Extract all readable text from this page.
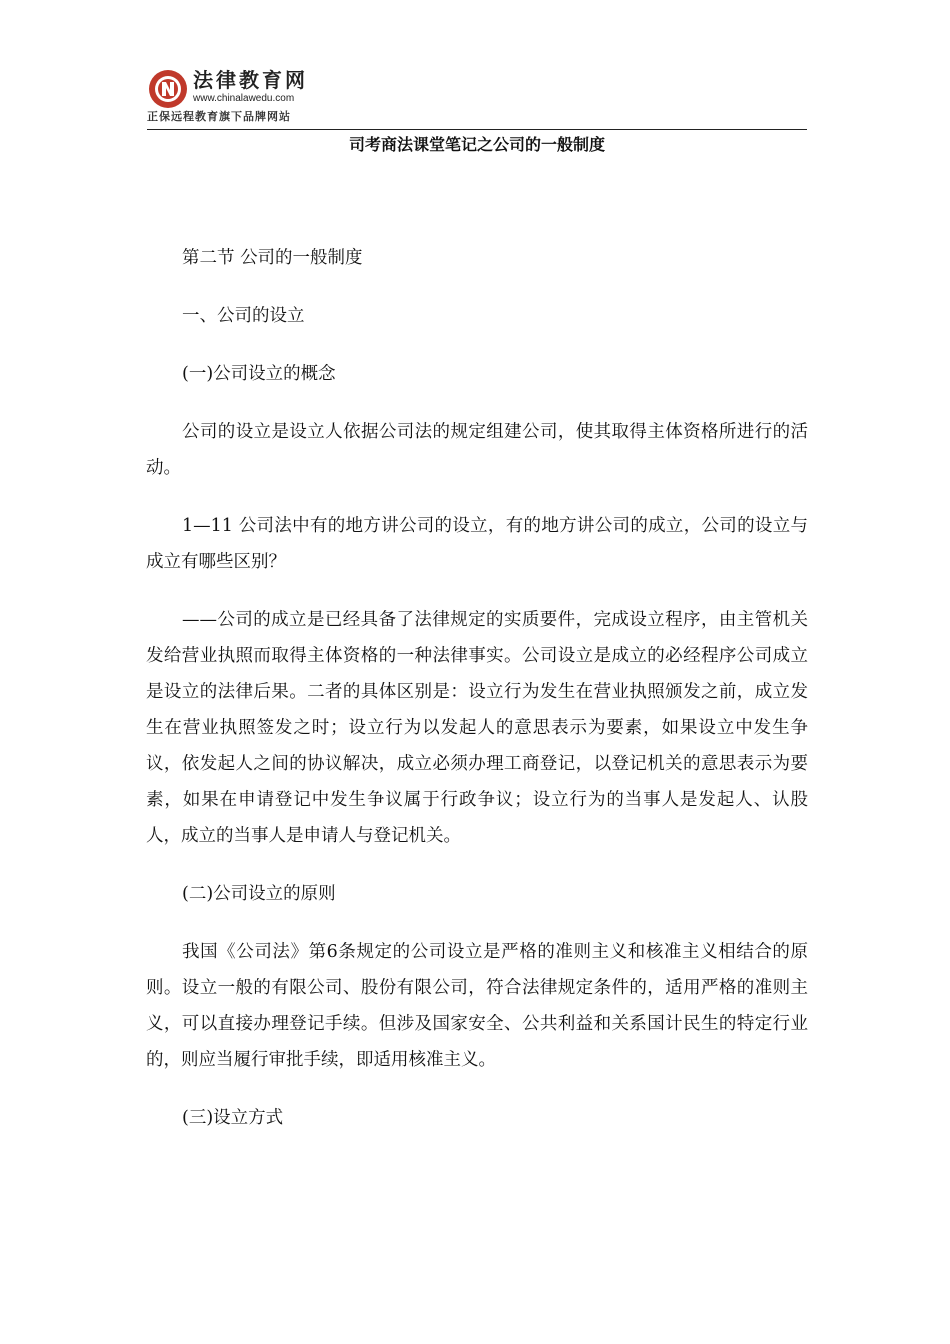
法律教育网
www.chinalawedu.com
正保远程教育旗下品牌网站
司考商法课堂笔记之公司的一般制度

第二节 公司的一般制度

一、公司的设立

(一)公司设立的概念

公司的设立是设立人依据公司法的规定组建公司，使其取得主体资格所进行的活动。

1—11 公司法中有的地方讲公司的设立，有的地方讲公司的成立，公司的设立与成立有哪些区别？

——公司的成立是已经具备了法律规定的实质要件，完成设立程序，由主管机关发给营业执照而取得主体资格的一种法律事实。公司设立是成立的必经程序公司成立是设立的法律后果。二者的具体区别是：设立行为发生在营业执照颁发之前，成立发生在营业执照签发之时；设立行为以发起人的意思表示为要素，如果设立中发生争议，依发起人之间的协议解决，成立必须办理工商登记，以登记机关的意思表示为要素，如果在申请登记中发生争议属于行政争议；设立行为的当事人是发起人、认股人，成立的当事人是申请人与登记机关。

(二)公司设立的原则

我国《公司法》第6条规定的公司设立是严格的准则主义和核准主义相结合的原则。设立一般的有限公司、股份有限公司，符合法律规定条件的，适用严格的准则主义，可以直接办理登记手续。但涉及国家安全、公共利益和关系国计民生的特定行业的，则应当履行审批手续，即适用核准主义。

(三)设立方式
